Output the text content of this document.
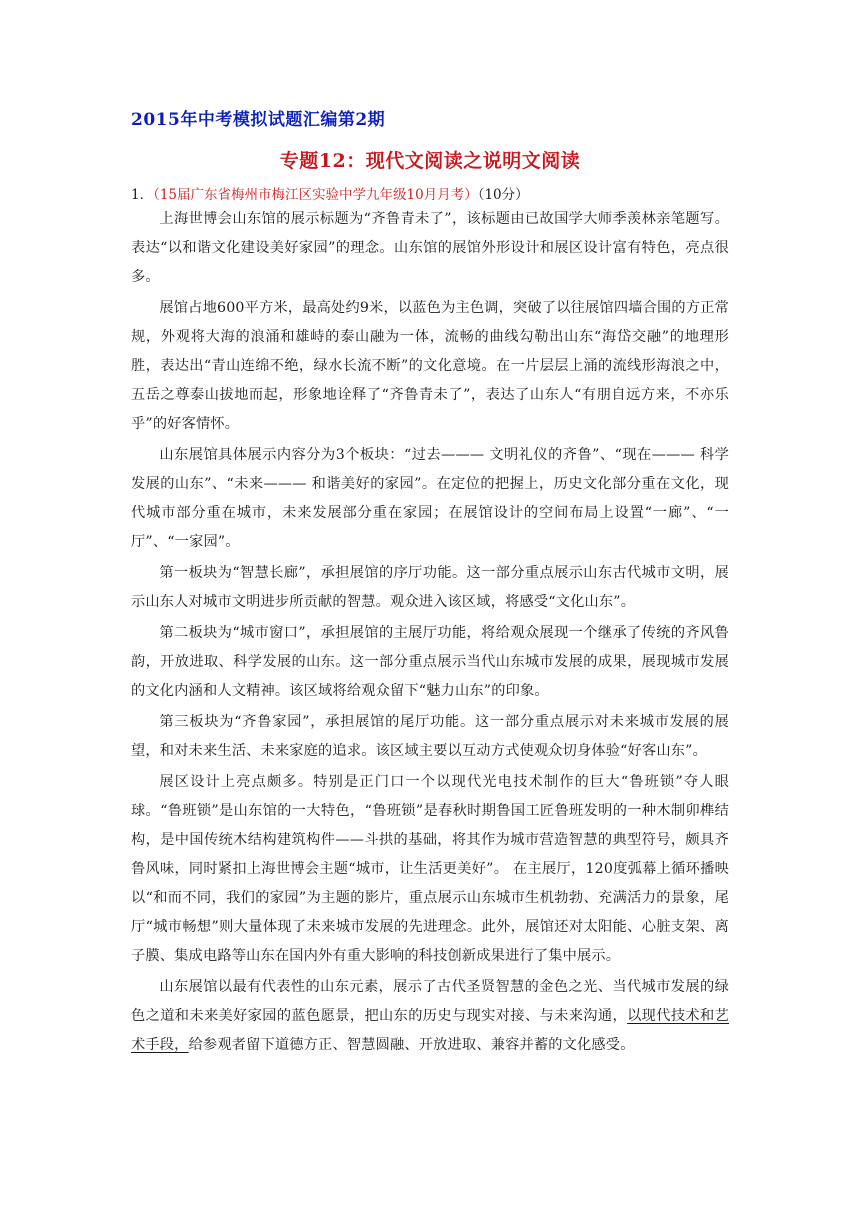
2015年中考模拟试题汇编第2期
专题12：现代文阅读之说明文阅读
1．（15届广东省梅州市梅江区实验中学九年级10月月考）（10分）

上海世博会山东馆的展示标题为“齐鲁青未了”，该标题由已故国学大师季羡林亲笔题写。表达“以和谐文化建设美好家园”的理念。山东馆的展馆外形设计和展区设计富有特色，亮点很多。

展馆占地600平方米，最高处约9米，以蓝色为主色调，突破了以往展馆四墙合围的方正常规，外观将大海的浪涌和雄峙的泰山融为一体，流畅的曲线勾勒出山东“海岱交融”的地理形胜，表达出“青山连绵不绝，绿水长流不断”的文化意境。在一片层层上涌的流线形海浪之中，五岳之尊泰山拔地而起，形象地诠释了“齐鲁青未了”，表达了山东人“有朋自远方来，不亦乐乎”的好客情怀。

山东展馆具体展示内容分为3个板块：“过去——— 文明礼仪的齐鲁”、“现在——— 科学发展的山东”、“未来——— 和谐美好的家园”。在定位的把握上，历史文化部分重在文化，现代城市部分重在城市，未来发展部分重在家园；在展馆设计的空间布局上设置“一廊”、“一厅”、“一家园”。

第一板块为“智慧长廊”，承担展馆的序厅功能。这一部分重点展示山东古代城市文明，展示山东人对城市文明进步所贡献的智慧。观众进入该区域，将感受“文化山东”。

第二板块为“城市窗口”，承担展馆的主展厅功能，将给观众展现一个继承了传统的齐风鲁韵，开放进取、科学发展的山东。这一部分重点展示当代山东城市发展的成果，展现城市发展的文化内涵和人文精神。该区域将给观众留下“魅力山东”的印象。

第三板块为“齐鲁家园”，承担展馆的尾厅功能。这一部分重点展示对未来城市发展的展望，和对未来生活、未来家庭的追求。该区域主要以互动方式使观众切身体验“好客山东”。

展区设计上亮点颇多。特别是正门口一个以现代光电技术制作的巨大“鲁班锁”夺人眼球。“鲁班锁”是山东馆的一大特色，“鲁班锁”是春秋时期鲁国工匠鲁班发明的一种木制卯榫结构，是中国传统木结构建筑构件——斗拱的基础，将其作为城市营造智慧的典型符号，颇具齐鲁风味，同时紧扣上海世博会主题“城市，让生活更美好”。 在主展厅，120度弧幕上循环播映以“和而不同，我们的家园”为主题的影片，重点展示山东城市生机勃勃、充满活力的景象，尾厅“城市畅想”则大量体现了未来城市发展的先进理念。此外，展馆还对太阳能、心脏支架、离子膜、集成电路等山东在国内外有重大影响的科技创新成果进行了集中展示。

山东展馆以最有代表性的山东元素，展示了古代圣贤智慧的金色之光、当代城市发展的绿色之道和未来美好家园的蓝色愿景，把山东的历史与现实对接、与未来沟通，以现代技术和艺术手段，给参观者留下道德方正、智慧圆融、开放进取、兼容并蓄的文化感受。
